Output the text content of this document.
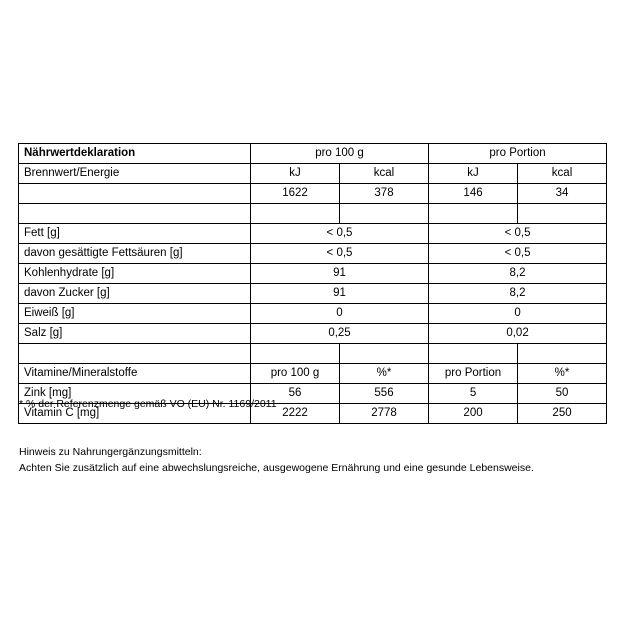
Nährwertdeklaration	pro 100 g		pro Portion	
Brennwert/Energie	kJ	kcal	kJ	kcal
	1622	378	146	34

Fett [g]	< 0,5		< 0,5	
davon gesättigte Fettsäuren [g]	< 0,5		< 0,5	
Kohlenhydrate [g]	91		8,2	
davon Zucker [g]	91		8,2	
Eiweiß [g]	0		0	
Salz [g]	0,25		0,02	

Vitamine/Mineralstoffe	pro 100 g	%*	pro Portion	%*
Zink [mg]	56	556	5	50
Vitamin C [mg]	2222	2778	200	250
* % der Referenzmenge gemäß VO (EU) Nr. 1169/2011
Hinweis zu Nahrungergänzungsmitteln:
Achten Sie zusätzlich auf eine abwechslungsreiche, ausgewogene Ernährung und eine gesunde Lebensweise.
